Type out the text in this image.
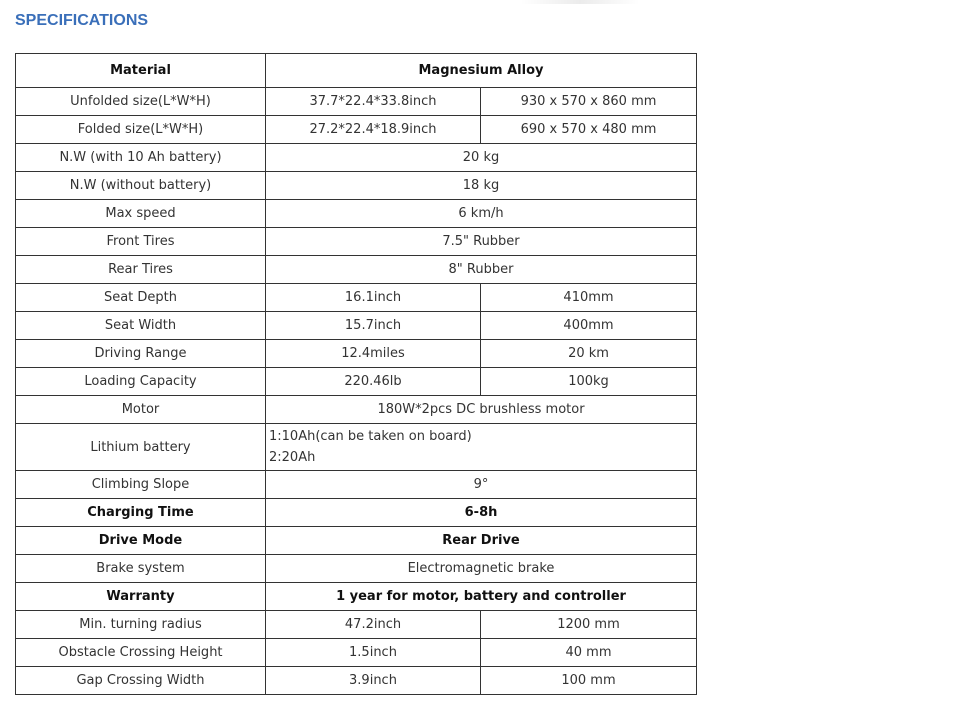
SPECIFICATIONS
Material	Magnesium Alloy	
Unfolded size(L*W*H)	37.7*22.4*33.8inch	930 x 570 x 860 mm
Folded size(L*W*H)	27.2*22.4*18.9inch	690 x 570 x 480 mm
N.W (with 10 Ah battery)	20 kg	
N.W (without battery)	18 kg	
Max speed	6 km/h	
Front Tires	7.5" Rubber	
Rear Tires	8" Rubber	
Seat Depth	16.1inch	410mm
Seat Width	15.7inch	400mm
Driving Range	12.4miles	20 km
Loading Capacity	220.46lb	100kg
Motor	180W*2pcs DC brushless motor	
Lithium battery	1:10Ah(can be taken on board)
2:20Ah	

Climbing Slope	9°	
Charging Time	6-8h	
Drive Mode	Rear Drive	
Brake system	Electromagnetic brake	
Warranty	1 year for motor, battery and controller	
Min. turning radius	47.2inch	1200 mm
Obstacle Crossing Height	1.5inch	40 mm
Gap Crossing Width	3.9inch	100 mm
